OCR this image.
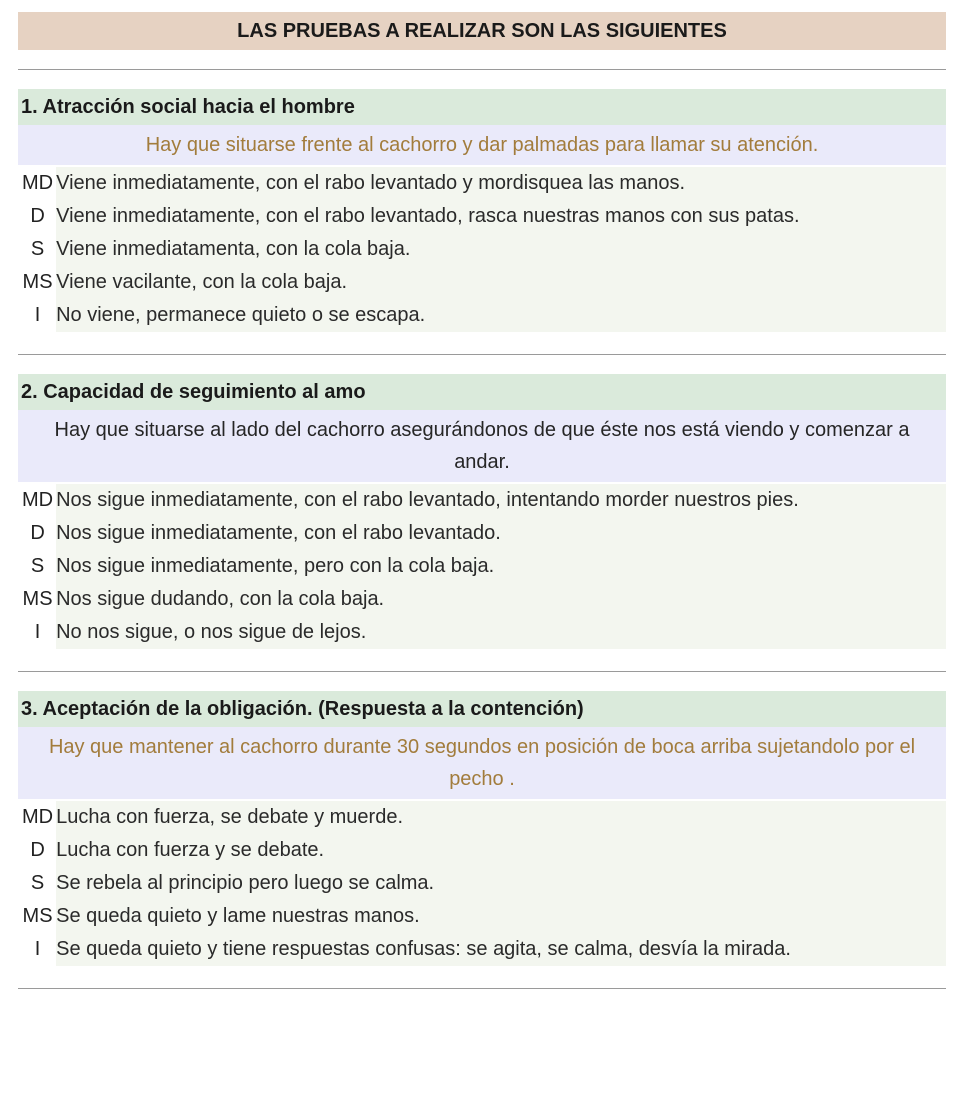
LAS PRUEBAS A REALIZAR SON LAS SIGUIENTES
1. Atracción social hacia el hombre
Hay que situarse frente al cachorro y dar palmadas para llamar su atención.
MD Viene inmediatamente, con el rabo levantado y mordisquea las manos.
D Viene inmediatamente, con el rabo levantado, rasca nuestras manos con sus patas.
S Viene inmediatamenta, con la cola baja.
MS Viene vacilante, con la cola baja.
I No viene, permanece quieto o se escapa.
2. Capacidad de seguimiento al amo
Hay que situarse al lado del cachorro asegurándonos de que éste nos está viendo y comenzar a andar.
MD Nos sigue inmediatamente, con el rabo levantado, intentando morder nuestros pies.
D Nos sigue inmediatamente, con el rabo levantado.
S Nos sigue inmediatamente, pero con la cola baja.
MS Nos sigue dudando, con la cola baja.
I No nos sigue, o nos sigue de lejos.
3. Aceptación de la obligación. (Respuesta a la contención)
Hay que mantener al cachorro durante 30 segundos en posición de boca arriba sujetandolo por el pecho .
MD Lucha con fuerza, se debate y muerde.
D Lucha con fuerza y se debate.
S Se rebela al principio pero luego se calma.
MS Se queda quieto y lame nuestras manos.
I Se queda quieto y tiene respuestas confusas: se agita, se calma, desvía la mirada.
